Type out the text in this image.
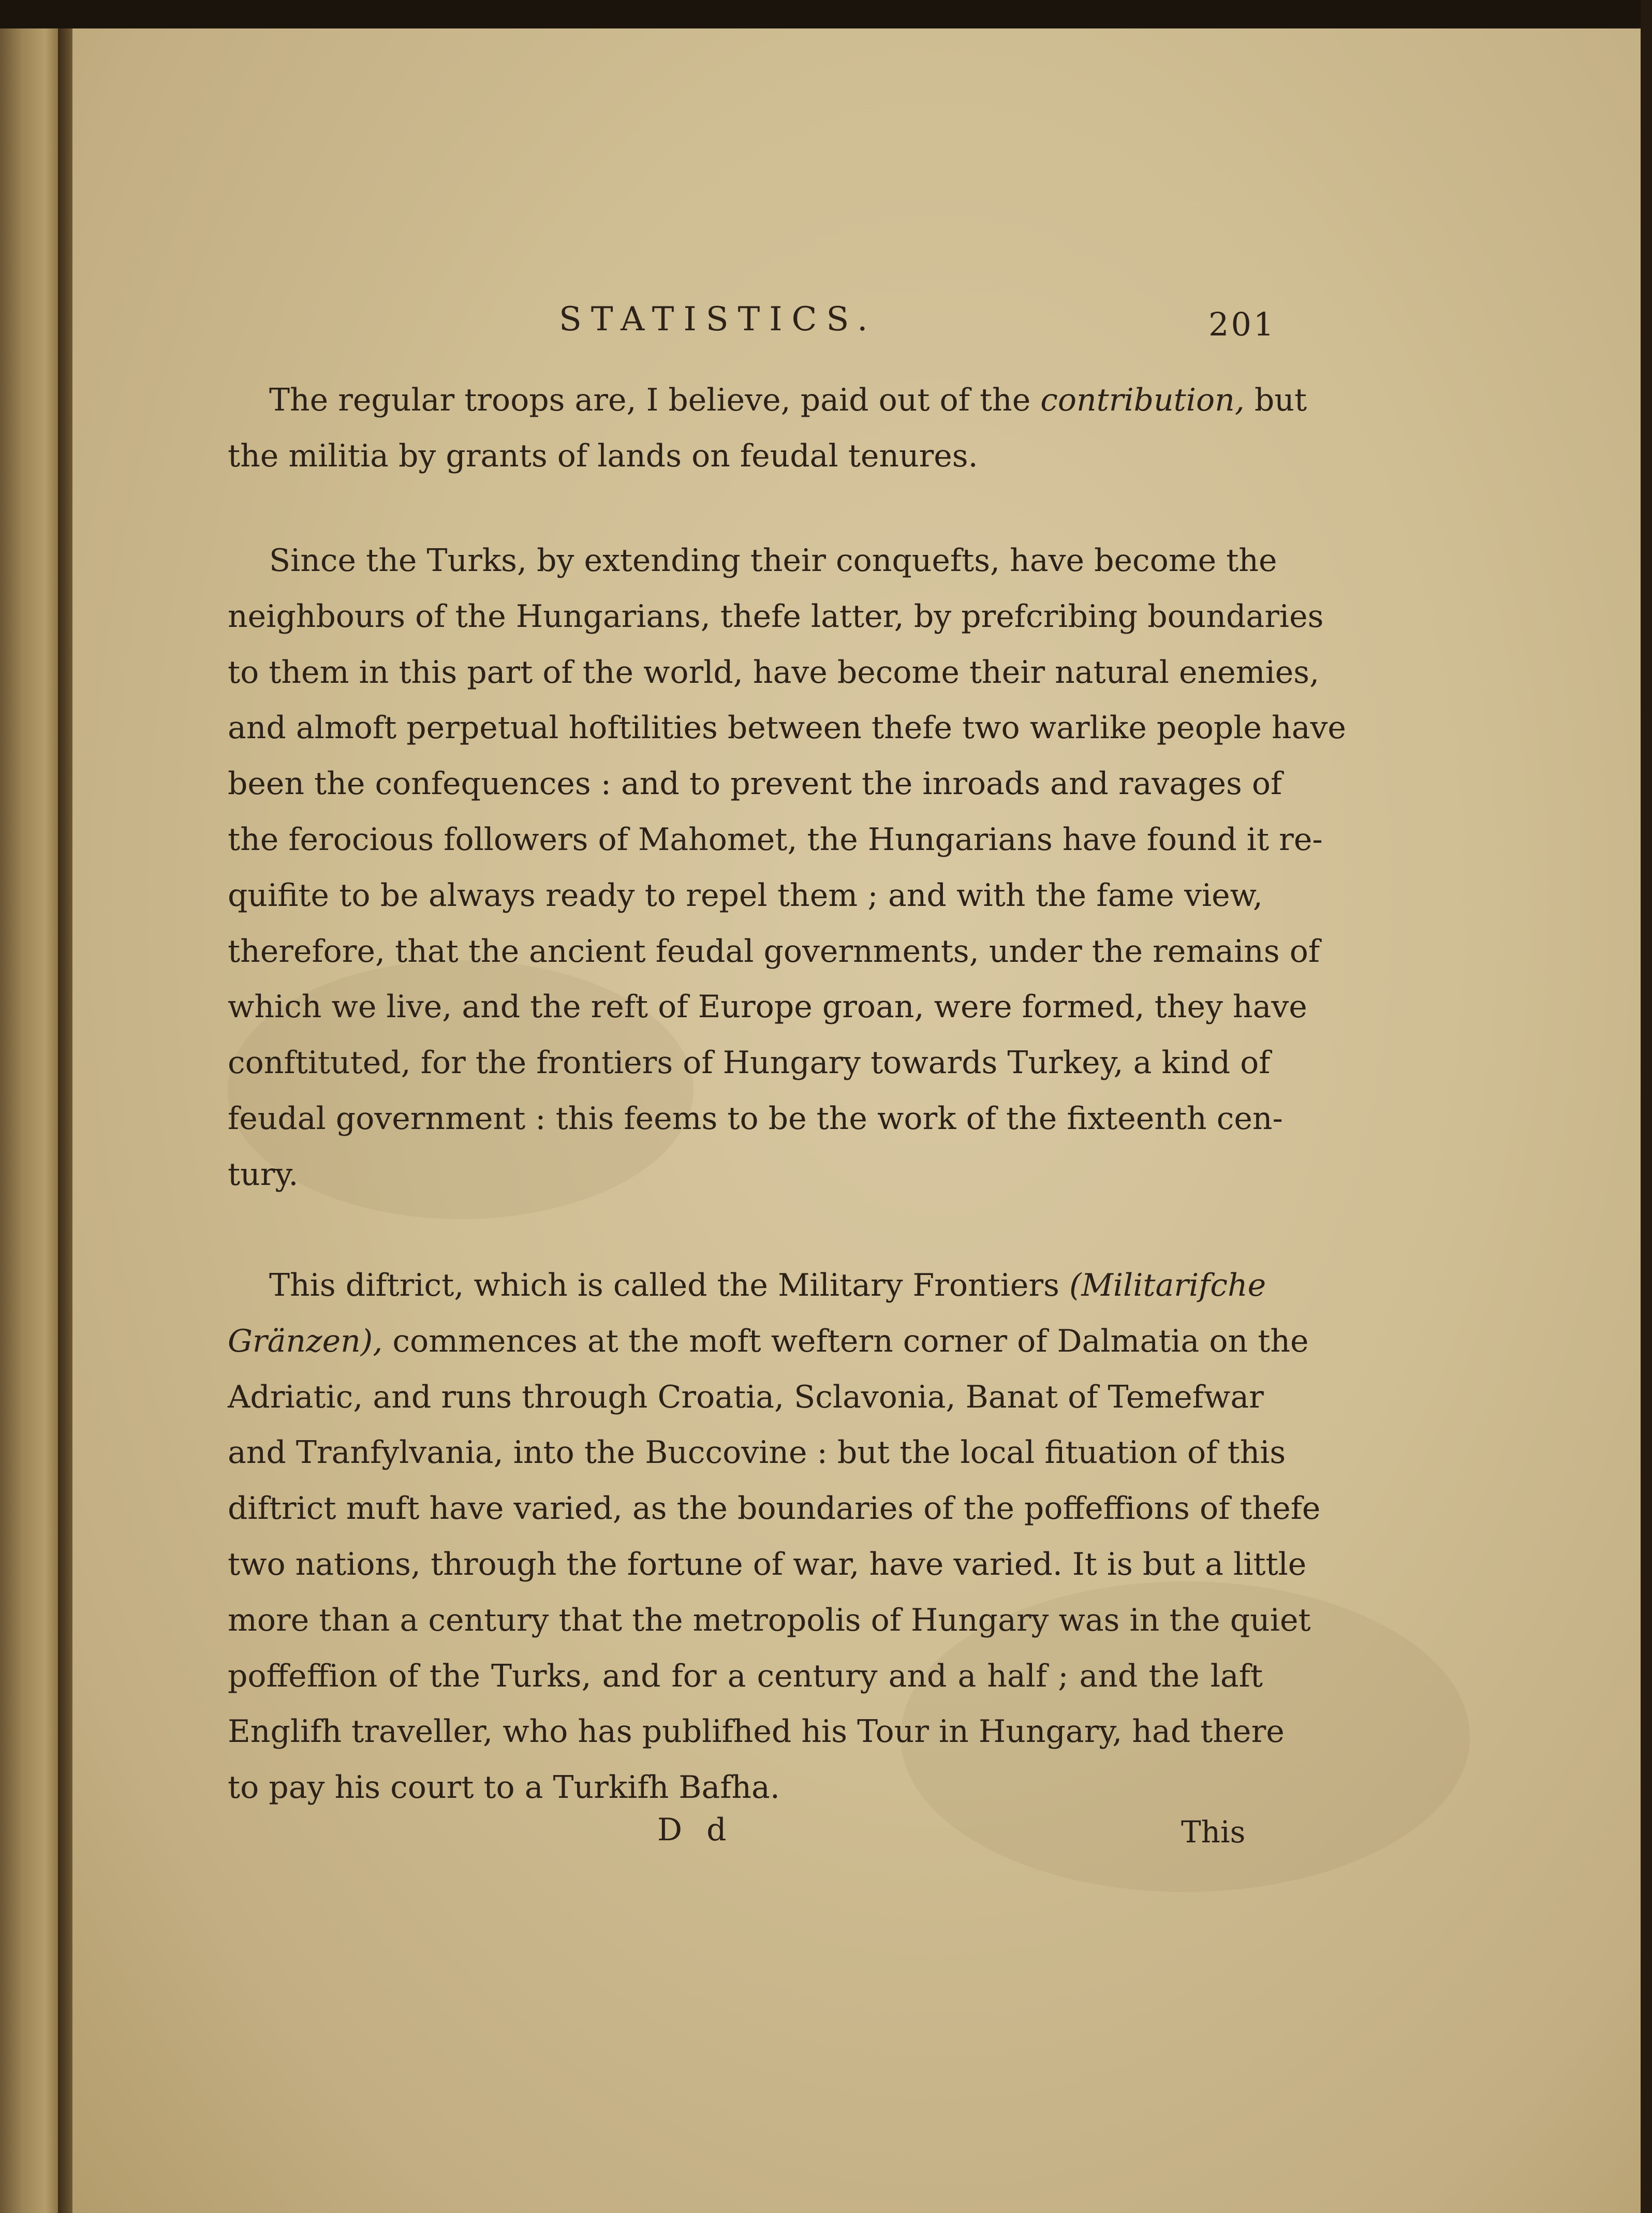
STATISTICS.	201
The regular troops are, I believe, paid out of the contribution, but
the militia by grants of lands on feudal tenures.
Since the Turks, by extending their conquefts, have become the
neighbours of the Hungarians, thefe latter, by prefcribing boundaries
to them in this part of the world, have become their natural enemies,
and almoft perpetual hoftilities between thefe two warlike people have
been the confequences : and to prevent the inroads and ravages of
the ferocious followers of Mahomet, the Hungarians have found it re-
quifite to be always ready to repel them ; and with the fame view,
therefore, that the ancient feudal governments, under the remains of
which we live, and the reft of Europe groan, were formed, they have
conftituted, for the frontiers of Hungary towards Turkey, a kind of
feudal government : this feems to be the work of the fixteenth cen-
tury.
This diftrict, which is called the Military Frontiers (Militarifche
Gränzen), commences at the moft weftern corner of Dalmatia on the
Adriatic, and runs through Croatia, Sclavonia, Banat of Temefwar
and Tranfylvania, into the Buccovine : but the local fituation of this
diftrict muft have varied, as the boundaries of the poffeffions of thefe
two nations, through the fortune of war, have varied. It is but a little
more than a century that the metropolis of Hungary was in the quiet
poffeffion of the Turks, and for a century and a half ; and the laft
Englifh traveller, who has publifhed his Tour in Hungary, had there
to pay his court to a Turkifh Bafha.
D d	This
